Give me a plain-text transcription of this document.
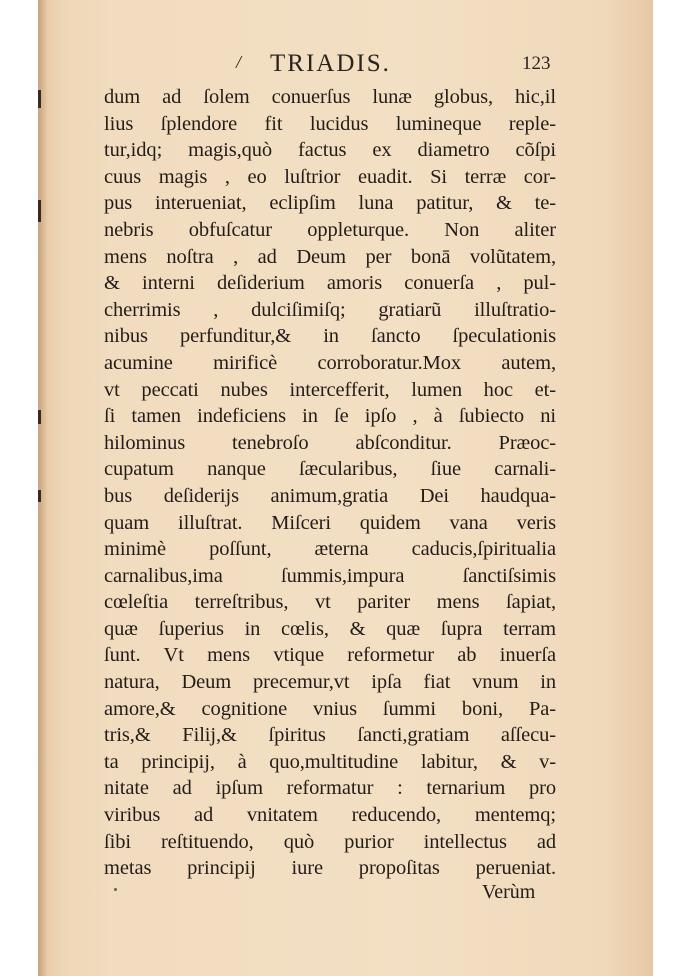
/ TRIADIS.	123
dum ad ſolem conuerſus lunæ globus, hic,il
lius ſplendore fit lucidus lumineque reple-
tur,idq; magis,quò factus ex diametro cõſpi
cuus magis , eo luſtrior euadit. Si terræ cor-
pus interueniat, eclipſim luna patitur, & te-
nebris obfuſcatur oppleturque. Non aliter
mens noſtra , ad Deum per bonā volũtatem,
& interni deſiderium amoris conuerſa , pul-
cherrimis , dulciſimiſq; gratiarũ illuſtratio-
nibus perfunditur,& in ſancto ſpeculationis
acumine mirificè corroboratur.Mox autem,
vt peccati nubes intercefferit, lumen hoc et-
ſi tamen indeficiens in ſe ipſo , à ſubiecto ni
hilominus tenebroſo abſconditur. Præoc-
cupatum nanque ſæcularibus, ſiue carnali-
bus deſiderijs animum,gratia Dei haudqua-
quam illuſtrat. Miſceri quidem vana veris
minimè poſſunt, æterna caducis,ſpiritualia
carnalibus,ima ſummis,impura ſanctiſsimis
cœleſtia terreſtribus, vt pariter mens ſapiat,
quæ ſuperius in cœlis, & quæ ſupra terram
ſunt. Vt mens vtique reformetur ab inuerſa
natura, Deum precemur,vt ipſa fiat vnum in
amore,& cognitione vnius ſummi boni, Pa-
tris,& Filij,& ſpiritus ſancti,gratiam aſſecu-
ta principij, à quo,multitudine labitur, & v-
nitate ad ipſum reformatur : ternarium pro
viribus ad vnitatem reducendo, mentemq;
ſibi reſtituendo, quò purior intellectus ad
metas principij iure propoſitas perueniat.
Verùm
